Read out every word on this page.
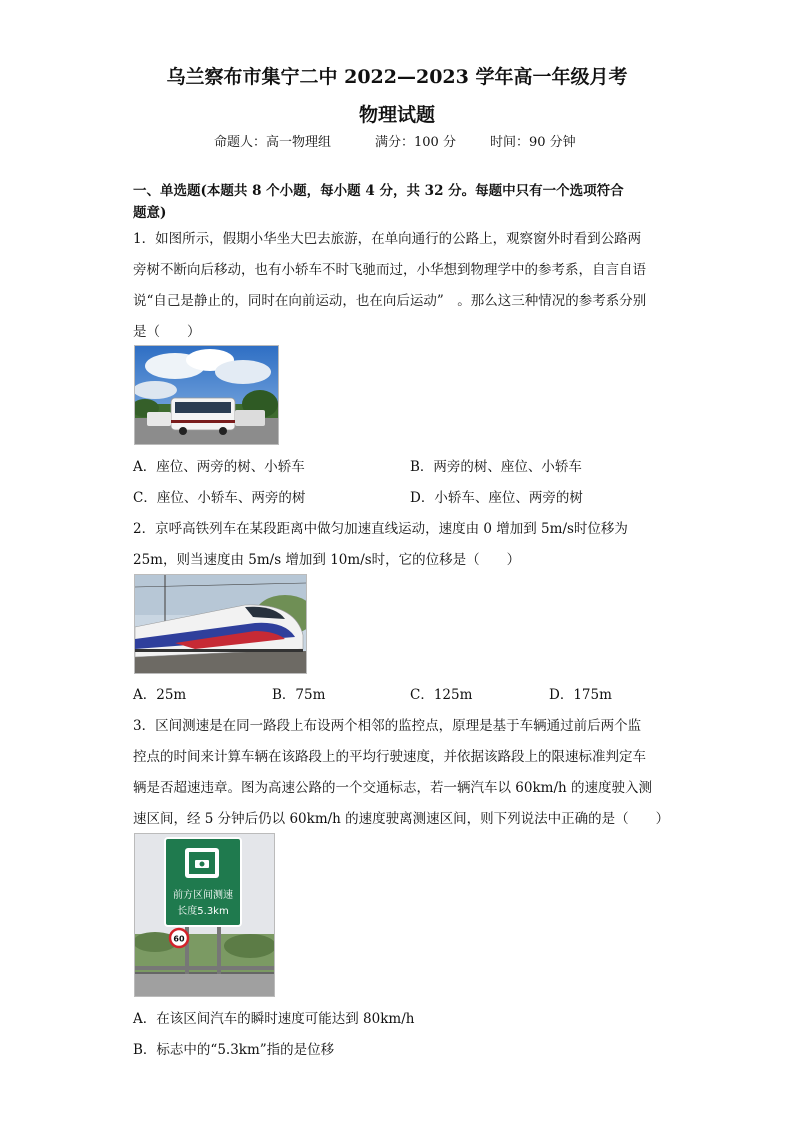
乌兰察布市集宁二中 2022—2023 学年高一年级月考
物理试题
命题人：高一物理组	满分：100 分	时间：90 分钟
一、单选题(本题共 8 个小题，每小题 4 分，共 32 分。每题中只有一个选项符合
题意)
1．如图所示，假期小华坐大巴去旅游，在单向通行的公路上，观察窗外时看到公路两
旁树不断向后移动，也有小轿车不时飞驰而过，小华想到物理学中的参考系，自言自语
说“自己是静止的，同时在向前运动，也在向后运动”　。那么这三种情况的参考系分别
是（　　）
A．座位、两旁的树、小轿车	B．两旁的树、座位、小轿车
C．座位、小轿车、两旁的树	D．小轿车、座位、两旁的树
2．京呼高铁列车在某段距离中做匀加速直线运动，速度由 0 增加到 5m/s时位移为
25m，则当速度由 5m/s 增加到 10m/s时，它的位移是（　　）
A．25m	B．75m	C．125m	D．175m
3．区间测速是在同一路段上布设两个相邻的监控点，原理是基于车辆通过前后两个监
控点的时间来计算车辆在该路段上的平均行驶速度，并依据该路段上的限速标准判定车
辆是否超速违章。图为高速公路的一个交通标志，若一辆汽车以 60km/h 的速度驶入测
速区间，经 5 分钟后仍以 60km/h 的速度驶离测速区间，则下列说法中正确的是（　　）
前方区间测速
长度5.3km
60
A．在该区间汽车的瞬时速度可能达到 80km/h
B．标志中的“5.3km”指的是位移
